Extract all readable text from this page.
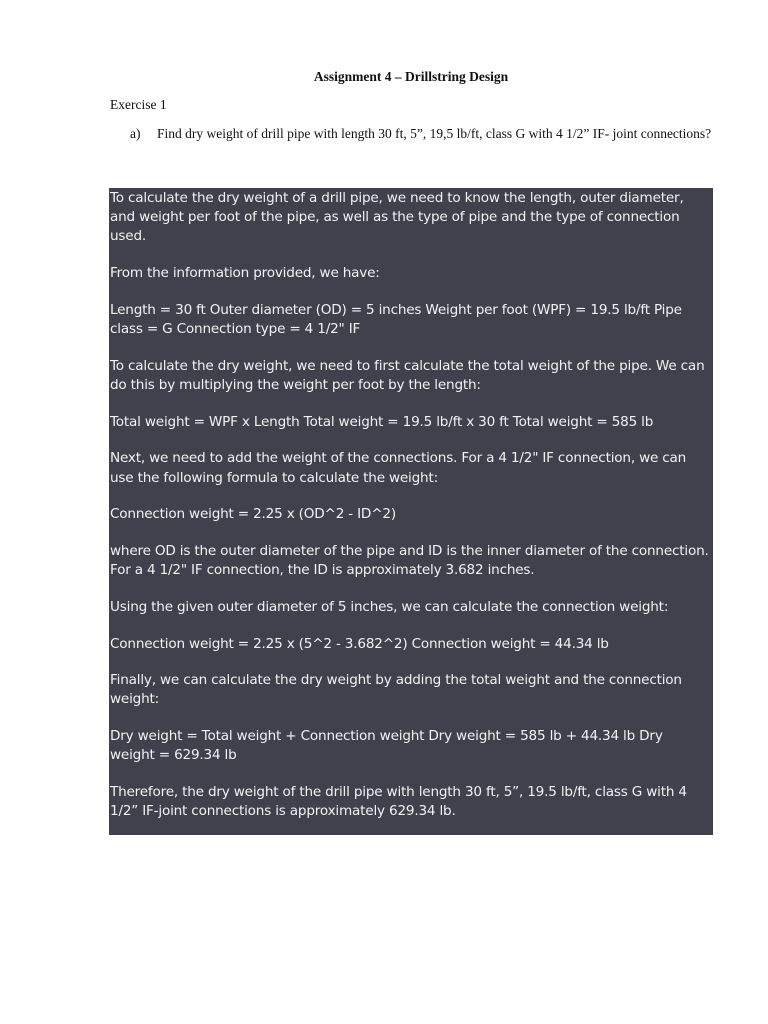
Assignment 4 – Drillstring Design
Exercise 1
a) Find dry weight of drill pipe with length 30 ft, 5”, 19,5 lb/ft, class G with 4 1/2” IF- joint connections?

To calculate the dry weight of a drill pipe, we need to know the length, outer diameter, and weight per foot of the pipe, as well as the type of pipe and the type of connection used.

From the information provided, we have:

Length = 30 ft Outer diameter (OD) = 5 inches Weight per foot (WPF) = 19.5 lb/ft Pipe class = G Connection type = 4 1/2" IF

To calculate the dry weight, we need to first calculate the total weight of the pipe. We can do this by multiplying the weight per foot by the length:

Total weight = WPF x Length Total weight = 19.5 lb/ft x 30 ft Total weight = 585 lb

Next, we need to add the weight of the connections. For a 4 1/2" IF connection, we can use the following formula to calculate the weight:

Connection weight = 2.25 x (OD^2 - ID^2)

where OD is the outer diameter of the pipe and ID is the inner diameter of the connection. For a 4 1/2" IF connection, the ID is approximately 3.682 inches.

Using the given outer diameter of 5 inches, we can calculate the connection weight:

Connection weight = 2.25 x (5^2 - 3.682^2) Connection weight = 44.34 lb

Finally, we can calculate the dry weight by adding the total weight and the connection weight:

Dry weight = Total weight + Connection weight Dry weight = 585 lb + 44.34 lb Dry weight = 629.34 lb

Therefore, the dry weight of the drill pipe with length 30 ft, 5”, 19.5 lb/ft, class G with 4 1/2” IF-joint connections is approximately 629.34 lb.
